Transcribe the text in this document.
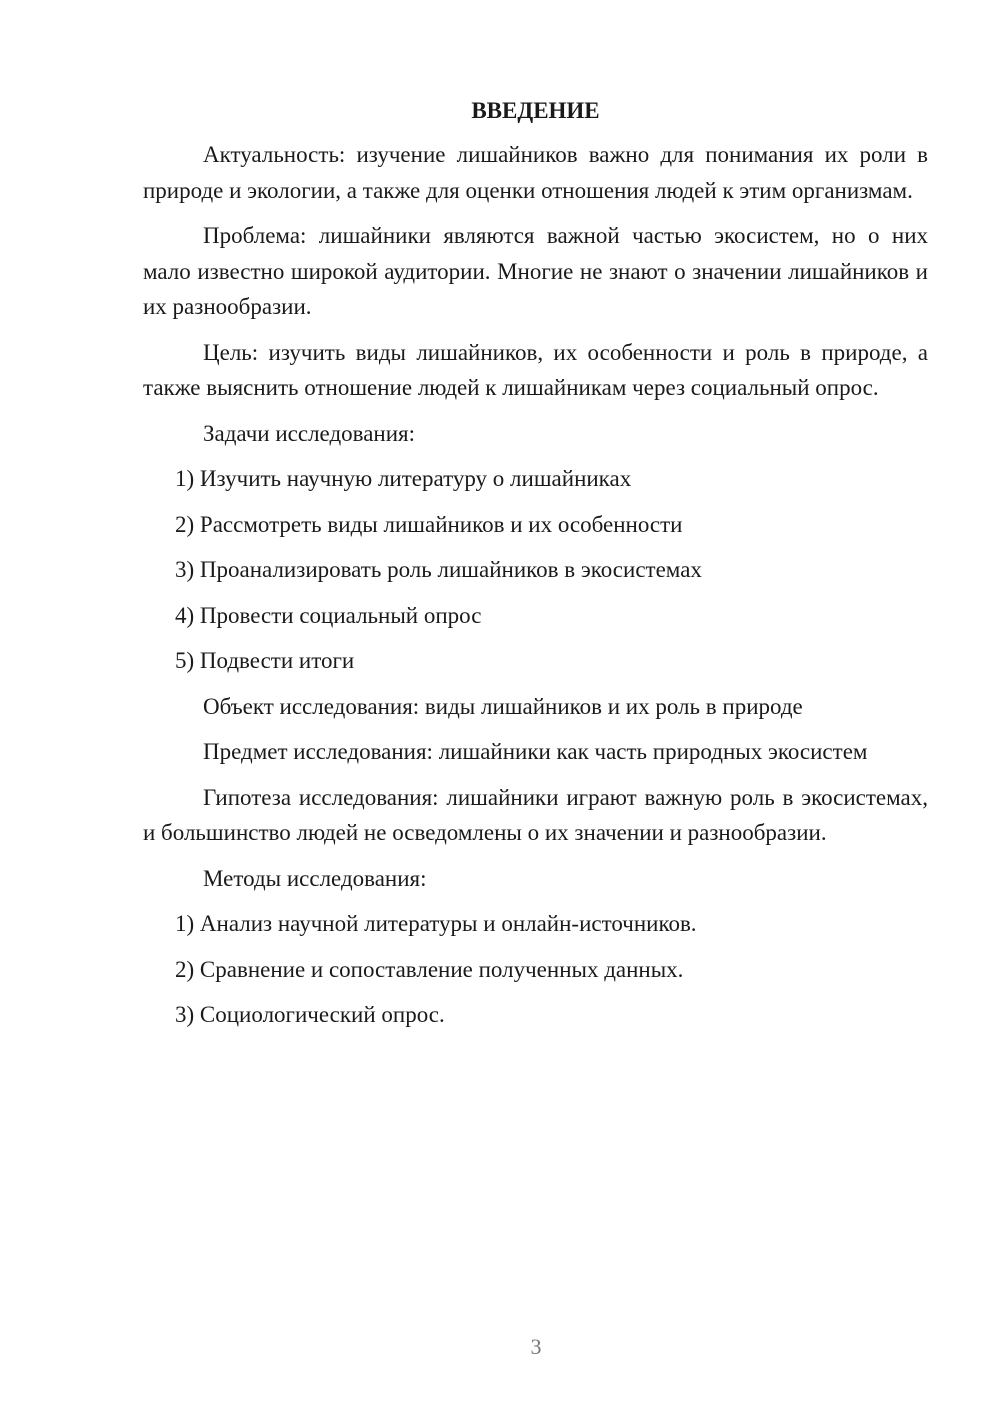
ВВЕДЕНИЕ
Актуальность: изучение лишайников важно для понимания их роли в природе и экологии, а также для оценки отношения людей к этим организмам.
Проблема: лишайники являются важной частью экосистем, но о них мало известно широкой аудитории. Многие не знают о значении лишайников и их разнообразии.
Цель: изучить виды лишайников, их особенности и роль в природе, а также выяснить отношение людей к лишайникам через социальный опрос.
Задачи исследования:
1) Изучить научную литературу о лишайниках
2) Рассмотреть виды лишайников и их особенности
3) Проанализировать роль лишайников в экосистемах
4) Провести социальный опрос
5) Подвести итоги
Объект исследования: виды лишайников и их роль в природе
Предмет исследования: лишайники как часть природных экосистем
Гипотеза исследования: лишайники играют важную роль в экосистемах, и большинство людей не осведомлены о их значении и разнообразии.
Методы исследования:
1) Анализ научной литературы и онлайн-источников.
2) Сравнение и сопоставление полученных данных.
3) Социологический опрос.
3
